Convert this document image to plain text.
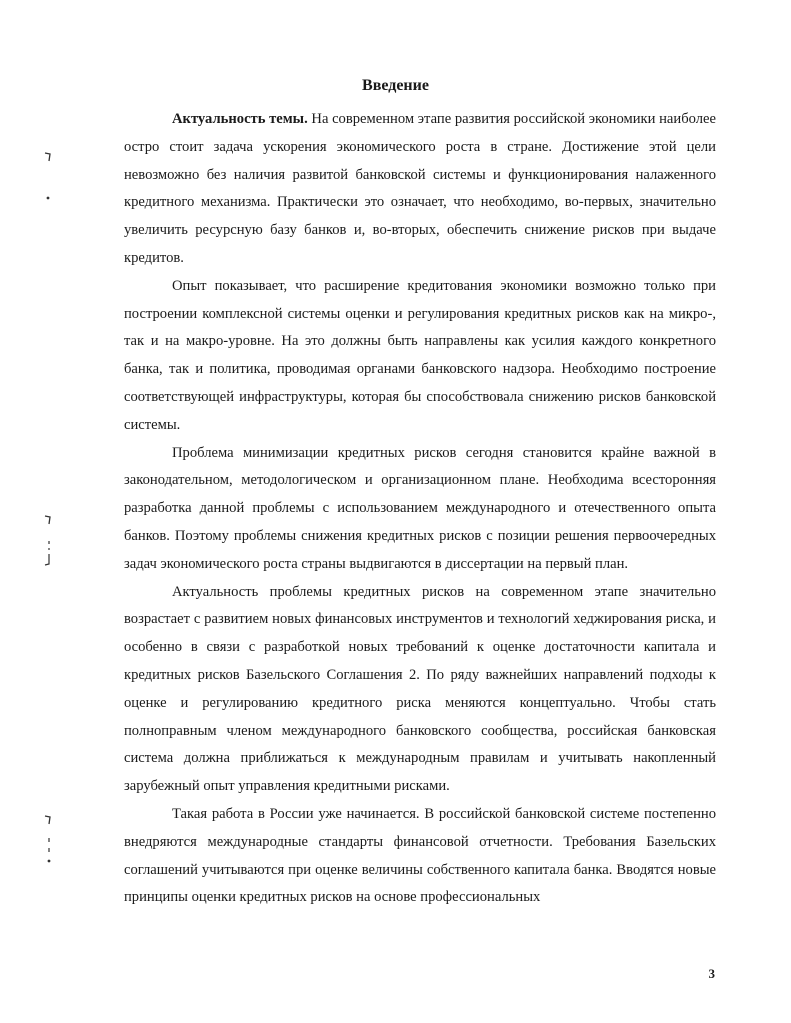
Введение

Актуальность темы. На современном этапе развития российской экономики наиболее остро стоит задача ускорения экономического роста в стране. Достижение этой цели невозможно без наличия развитой банковской системы и функционирования налаженного кредитного механизма. Практически это означает, что необходимо, во-первых, значительно увеличить ресурсную базу банков и, во-вторых, обеспечить снижение рисков при выдаче кредитов.

Опыт показывает, что расширение кредитования экономики возможно только при построении комплексной системы оценки и регулирования кредитных рисков как на микро-, так и на макро-уровне. На это должны быть направлены как усилия каждого конкретного банка, так и политика, проводимая органами банковского надзора. Необходимо построение соответствующей инфраструктуры, которая бы способствовала снижению рисков банковской системы.

Проблема минимизации кредитных рисков сегодня становится крайне важной в законодательном, методологическом и организационном плане. Необходима всесторонняя разработка данной проблемы с использованием международного и отечественного опыта банков. Поэтому проблемы снижения кредитных рисков с позиции решения первоочередных задач экономического роста страны выдвигаются в диссертации на первый план.

Актуальность проблемы кредитных рисков на современном этапе значительно возрастает с развитием новых финансовых инструментов и технологий хеджирования риска, и особенно в связи с разработкой новых требований к оценке достаточности капитала и кредитных рисков Базельского Соглашения 2. По ряду важнейших направлений подходы к оценке и регулированию кредитного риска меняются концептуально. Чтобы стать полноправным членом международного банковского сообщества, российская банковская система должна приближаться к международным правилам и учитывать накопленный зарубежный опыт управления кредитными рисками.

Такая работа в России уже начинается. В российской банковской системе постепенно внедряются международные стандарты финансовой отчетности. Требования Базельских соглашений учитываются при оценке величины собственного капитала банка. Вводятся новые принципы оценки кредитных рисков на основе профессиональных

3
